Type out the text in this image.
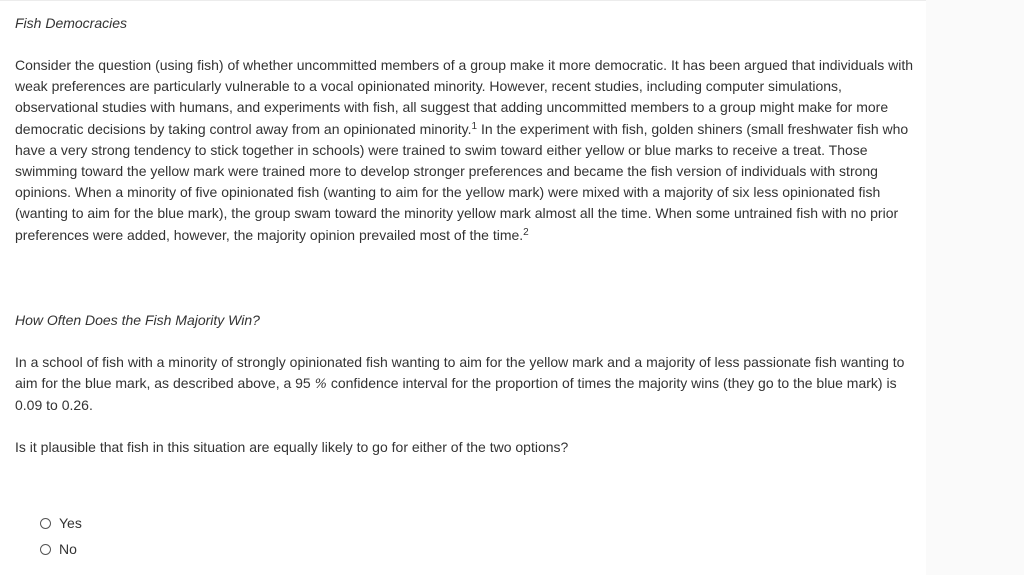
Fish Democracies

Consider the question (using fish) of whether uncommitted members of a group make it more democratic. It has been argued that individuals with weak preferences are particularly vulnerable to a vocal opinionated minority. However, recent studies, including computer simulations, observational studies with humans, and experiments with fish, all suggest that adding uncommitted members to a group might make for more democratic decisions by taking control away from an opinionated minority.$^1$ In the experiment with fish, golden shiners (small freshwater fish who have a very strong tendency to stick together in schools) were trained to swim toward either yellow or blue marks to receive a treat. Those swimming toward the yellow mark were trained more to develop stronger preferences and became the fish version of individuals with strong opinions. When a minority of five opinionated fish (wanting to aim for the yellow mark) were mixed with a majority of six less opinionated fish (wanting to aim for the blue mark), the group swam toward the minority yellow mark almost all the time. When some untrained fish with no prior preferences were added, however, the majority opinion prevailed most of the time.$^2$

How Often Does the Fish Majority Win?

In a school of fish with a minority of strongly opinionated fish wanting to aim for the yellow mark and a majority of less passionate fish wanting to aim for the blue mark, as described above, a 95 % confidence interval for the proportion of times the majority wins (they go to the blue mark) is 0.09 to 0.26.

Is it plausible that fish in this situation are equally likely to go for either of the two options?

Yes
No
